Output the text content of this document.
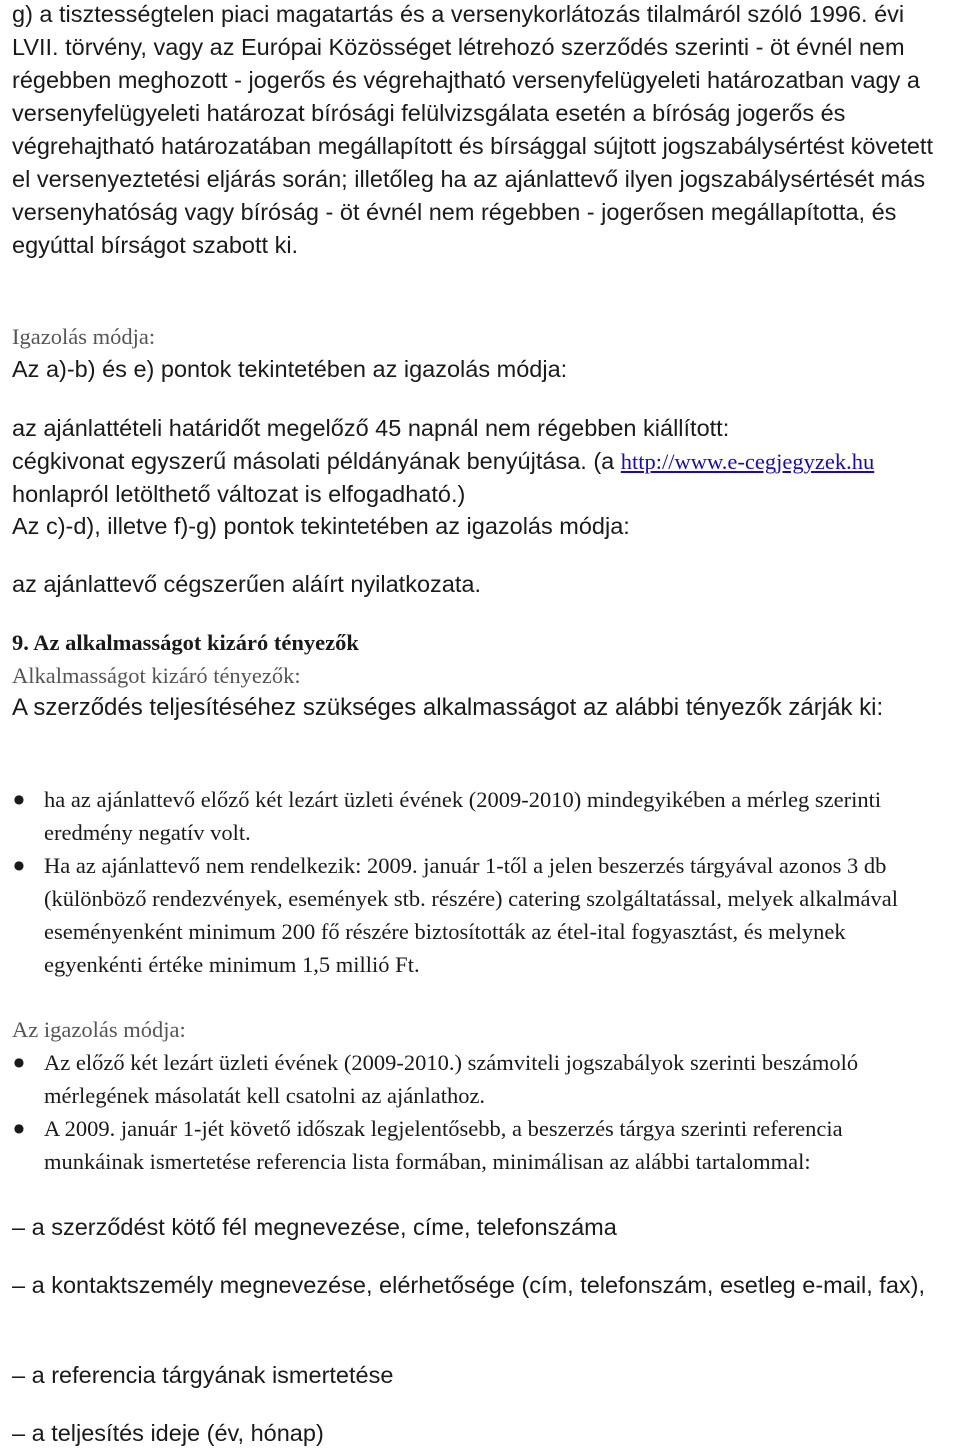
g) a tisztességtelen piaci magatartás és a versenykorlátozás tilalmáról szóló 1996. évi LVII. törvény, vagy az Európai Közösséget létrehozó szerződés szerinti - öt évnél nem régebben meghozott - jogerős és végrehajtható versenyfelügyeleti határozatban vagy a versenyfelügyeleti határozat bírósági felülvizsgálata esetén a bíróság jogerős és végrehajtható határozatában megállapított és bírsággal sújtott jogszabálysértést követett el versenyeztetési eljárás során; illetőleg ha az ajánlattevő ilyen jogszabálysértését más versenyhatóság vagy bíróság - öt évnél nem régebben - jogerősen megállapította, és egyúttal bírságot szabott ki.

Igazolás módja:

Az a)-b) és e) pontok tekintetében az igazolás módja:

az ajánlattételi határidőt megelőző 45 napnál nem régebben kiállított:
cégkivonat egyszerű másolati példányának benyújtása. (a http://www.e-cegjegyzek.hu honlapról letölthető változat is elfogadható.)

Az c)-d), illetve f)-g) pontok tekintetében az igazolás módja:

az ajánlattevő cégszerűen aláírt nyilatkozata.

9. Az alkalmasságot kizáró tényezők

Alkalmasságot kizáró tényezők:

A szerződés teljesítéséhez szükséges alkalmasságot az alábbi tényezők zárják ki:

● ha az ajánlattevő előző két lezárt üzleti évének (2009-2010) mindegyikében a mérleg szerinti eredmény negatív volt.
● Ha az ajánlattevő nem rendelkezik: 2009. január 1-től a jelen beszerzés tárgyával azonos 3 db (különböző rendezvények, események stb. részére) catering szolgáltatással, melyek alkalmával eseményenként minimum 200 fő részére biztosították az étel-ital fogyasztást, és melynek egyenkénti értéke minimum 1,5 millió Ft.

Az igazolás módja:

● Az előző két lezárt üzleti évének (2009-2010.) számviteli jogszabályok szerinti beszámoló mérlegének másolatát kell csatolni az ajánlathoz.
● A 2009. január 1-jét követő időszak legjelentősebb, a beszerzés tárgya szerinti referencia munkáinak ismertetése referencia lista formában, minimálisan az alábbi tartalommal:

– a szerződést kötő fél megnevezése, címe, telefonszáma

– a kontaktszemély megnevezése, elérhetősége (cím, telefonszám, esetleg e-mail, fax),

– a referencia tárgyának ismertetése

– a teljesítés ideje (év, hónap)
